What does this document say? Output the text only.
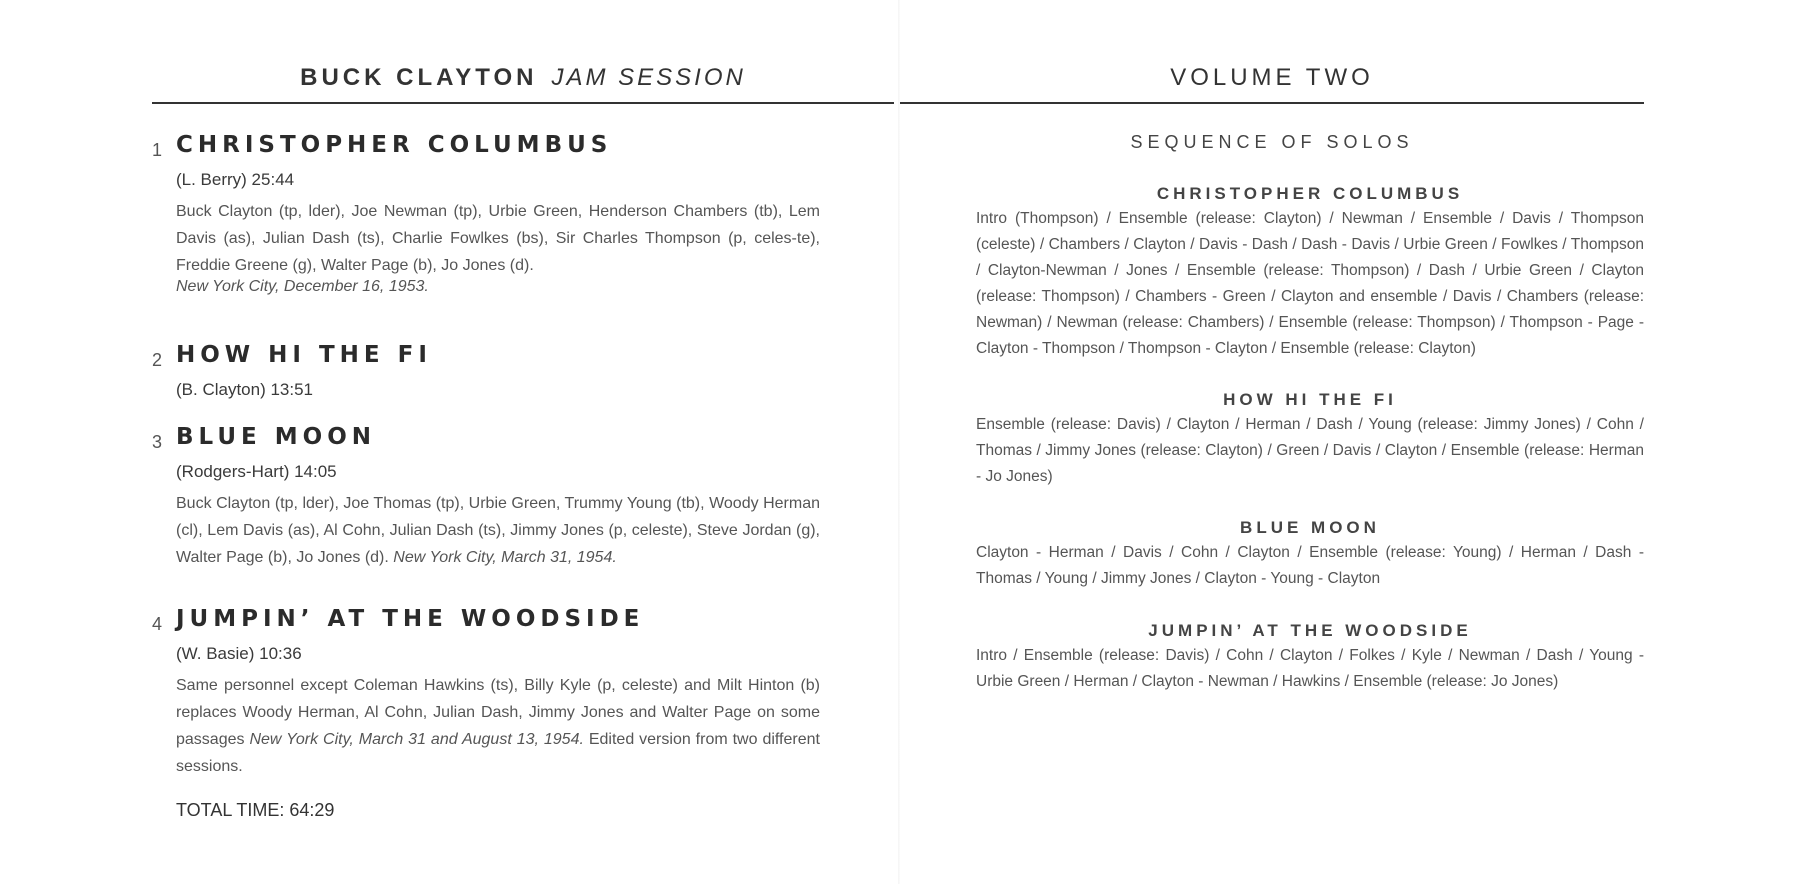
BUCK CLAYTON JAM SESSION
1 CHRISTOPHER COLUMBUS
(L. Berry) 25:44
Buck Clayton (tp, lder), Joe Newman (tp), Urbie Green, Henderson Chambers (tb), Lem Davis (as), Julian Dash (ts), Charlie Fowlkes (bs), Sir Charles Thompson (p, celes-te), Freddie Greene (g), Walter Page (b), Jo Jones (d).
New York City, December 16, 1953.
2 HOW HI THE FI
(B. Clayton) 13:51
3 BLUE MOON
(Rodgers-Hart) 14:05
Buck Clayton (tp, lder), Joe Thomas (tp), Urbie Green, Trummy Young (tb), Woody Herman (cl), Lem Davis (as), Al Cohn, Julian Dash (ts), Jimmy Jones (p, celeste), Steve Jordan (g), Walter Page (b), Jo Jones (d). New York City, March 31, 1954.
4 JUMPIN’ AT THE WOODSIDE
(W. Basie) 10:36
Same personnel except Coleman Hawkins (ts), Billy Kyle (p, celeste) and Milt Hinton (b) replaces Woody Herman, Al Cohn, Julian Dash, Jimmy Jones and Walter Page on some passages New York City, March 31 and August 13, 1954. Edited version from two different sessions.
TOTAL TIME: 64:29
VOLUME TWO
SEQUENCE OF SOLOS
CHRISTOPHER COLUMBUS
Intro (Thompson) / Ensemble (release: Clayton) / Newman / Ensemble / Davis / Thompson (celeste) / Chambers / Clayton / Davis - Dash / Dash - Davis / Urbie Green / Fowlkes / Thompson / Clayton-Newman / Jones / Ensemble (release: Thompson) / Dash / Urbie Green / Clayton (release: Thompson) / Chambers - Green / Clayton and ensemble / Davis / Chambers (release: Newman) / Newman (release: Chambers) / Ensemble (release: Thompson) / Thompson - Page - Clayton - Thompson / Thompson - Clayton / Ensemble (release: Clayton)
HOW HI THE FI
Ensemble (release: Davis) / Clayton / Herman / Dash / Young (release: Jimmy Jones) / Cohn / Thomas / Jimmy Jones (release: Clayton) / Green / Davis / Clayton / Ensemble (release: Herman - Jo Jones)
BLUE MOON
Clayton - Herman / Davis / Cohn / Clayton / Ensemble (release: Young) / Herman / Dash - Thomas / Young / Jimmy Jones / Clayton - Young - Clayton
JUMPIN’ AT THE WOODSIDE
Intro / Ensemble (release: Davis) / Cohn / Clayton / Folkes / Kyle / Newman / Dash / Young - Urbie Green / Herman / Clayton - Newman / Hawkins / Ensemble (release: Jo Jones)
